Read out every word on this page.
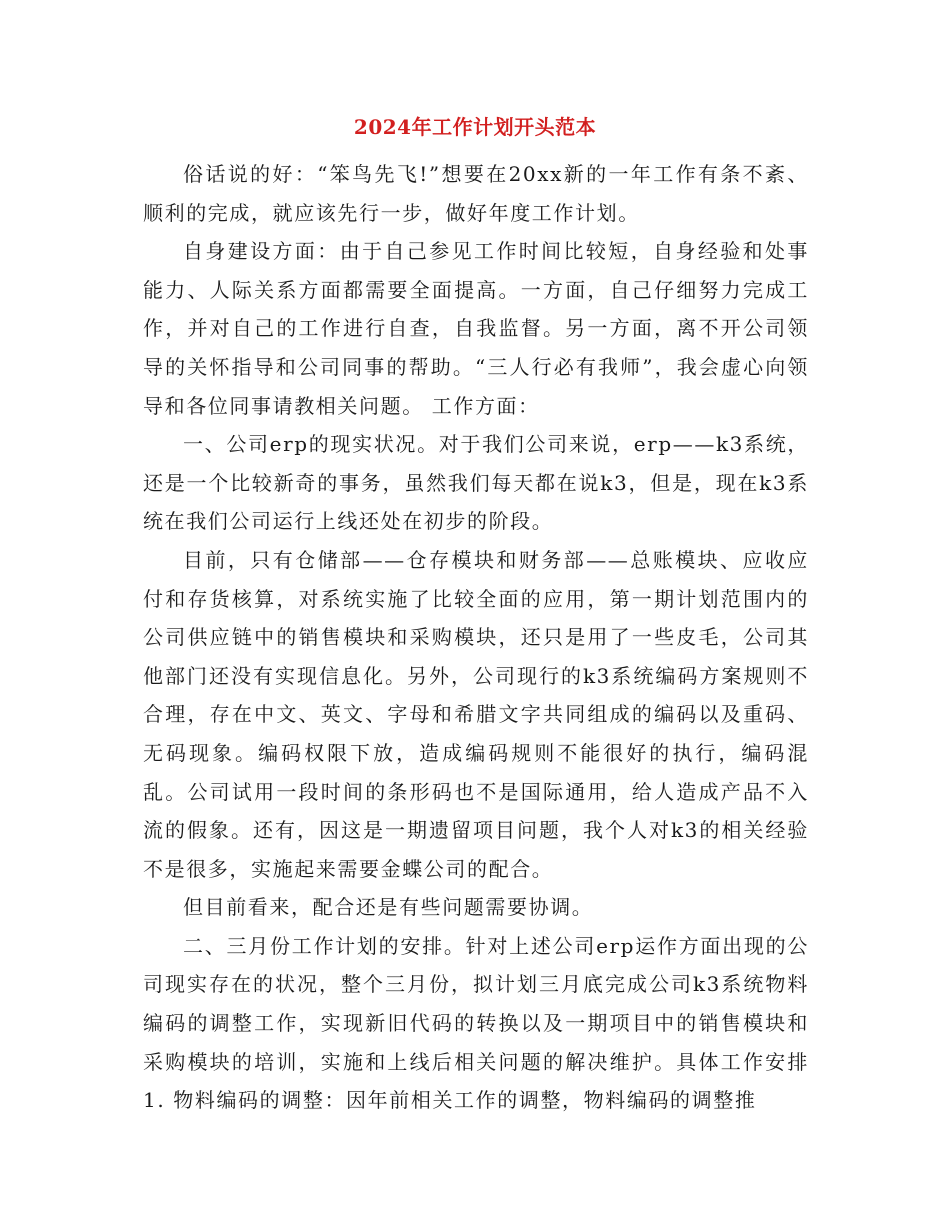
2024年工作计划开头范本

俗话说的好：“笨鸟先飞!”想要在20xx新的一年工作有条不紊、顺利的完成，就应该先行一步，做好年度工作计划。

自身建设方面：由于自己参见工作时间比较短，自身经验和处事能力、人际关系方面都需要全面提高。一方面，自己仔细努力完成工作，并对自己的工作进行自查，自我监督。另一方面，离不开公司领导的关怀指导和公司同事的帮助。“三人行必有我师”，我会虚心向领导和各位同事请教相关问题。 工作方面：

一、公司erp的现实状况。对于我们公司来说，erp——k3系统，还是一个比较新奇的事务，虽然我们每天都在说k3，但是，现在k3系统在我们公司运行上线还处在初步的阶段。

目前，只有仓储部——仓存模块和财务部——总账模块、应收应付和存货核算，对系统实施了比较全面的应用，第一期计划范围内的公司供应链中的销售模块和采购模块，还只是用了一些皮毛，公司其他部门还没有实现信息化。另外，公司现行的k3系统编码方案规则不合理，存在中文、英文、字母和希腊文字共同组成的编码以及重码、无码现象。编码权限下放，造成编码规则不能很好的执行，编码混乱。公司试用一段时间的条形码也不是国际通用，给人造成产品不入流的假象。还有，因这是一期遗留项目问题，我个人对k3的相关经验不是很多，实施起来需要金蝶公司的配合。

但目前看来，配合还是有些问题需要协调。

二、三月份工作计划的安排。针对上述公司erp运作方面出现的公司现实存在的状况，整个三月份，拟计划三月底完成公司k3系统物料编码的调整工作，实现新旧代码的转换以及一期项目中的销售模块和采购模块的培训，实施和上线后相关问题的解决维护。具体工作安排 1. 物料编码的调整：因年前相关工作的调整，物料编码的调整推
